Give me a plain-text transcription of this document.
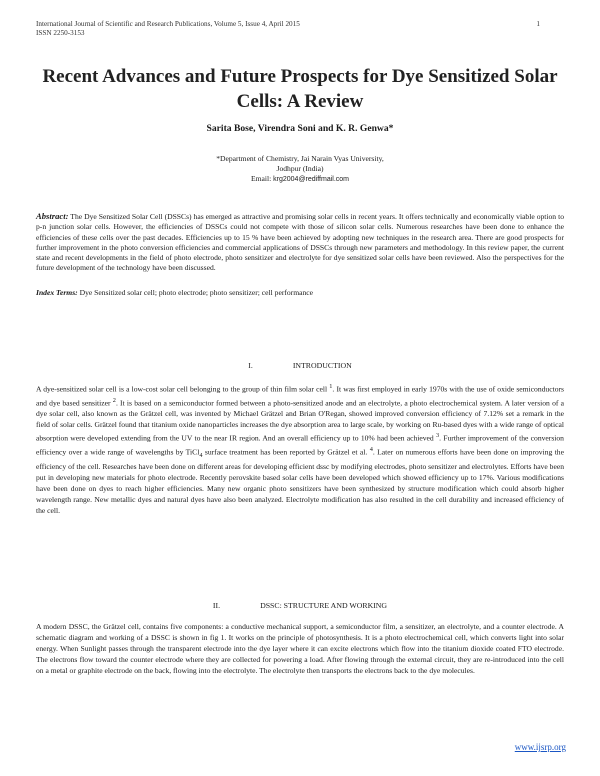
International Journal of Scientific and Research Publications, Volume 5, Issue 4, April 2015
ISSN 2250-3153
1
Recent Advances and Future Prospects for Dye Sensitized Solar Cells: A Review
Sarita Bose, Virendra Soni and K. R. Genwa*
*Department of Chemistry, Jai Narain Vyas University,
Jodhpur (India)
Email: krg2004@rediffmail.com
Abstract: The Dye Sensitized Solar Cell (DSSCs) has emerged as attractive and promising solar cells in recent years. It offers technically and economically viable option to p-n junction solar cells. However, the efficiencies of DSSCs could not compete with those of silicon solar cells. Numerous researches have been done to enhance the efficiencies of these cells over the past decades. Efficiencies up to 15 % have been achieved by adopting new techniques in the research area. There are good prospects for further improvement in the photo conversion efficiencies and commercial applications of DSSCs through new parameters and methodology. In this review paper, the current state and recent developments in the field of photo electrode, photo sensitizer and electrolyte for dye sensitized solar cells have been reviewed. Also the perspectives for the future development of the technology have been discussed.
Index Terms: Dye Sensitized solar cell; photo electrode; photo sensitizer; cell performance
I.	INTRODUCTION
A dye-sensitized solar cell is a low-cost solar cell belonging to the group of thin film solar cell $^1$. It was first employed in early 1970s with the use of oxide semiconductors and dye based sensitizer $^2$. It is based on a semiconductor formed between a photo-sensitized anode and an electrolyte, a photo electrochemical system. A later version of a dye solar cell, also known as the Grätzel cell, was invented by Michael Grätzel and Brian O'Regan, showed improved conversion efficiency of 7.12% set a remark in the field of solar cells. Grätzel found that titanium oxide nanoparticles increases the dye absorption area to large scale, by working on Ru-based dyes with a wide range of optical absorption were developed extending from the UV to the near IR region. And an overall efficiency up to 10% had been achieved $^3$. Further improvement of the conversion efficiency over a wide range of wavelengths by TiCl$_4$ surface treatment has been reported by Grätzel et al. $^4$. Later on numerous efforts have been done on improving the efficiency of the cell. Researches have been done on different areas for developing efficient dssc by modifying electrodes, photo sensitizer and electrolytes. Efforts have been put in developing new materials for photo electrode. Recently perovskite based solar cells have been developed which showed efficiency up to 17%. Various modifications have been done on dyes to reach higher efficiencies. Many new organic photo sensitizers have been synthesized by structure modification which could absorb higher wavelength range. New metallic dyes and natural dyes have also been analyzed. Electrolyte modification has also resulted in the cell durability and increased efficiency of the cell.
II.	DSSC: STRUCTURE AND WORKING
A modern DSSC, the Grätzel cell, contains five components: a conductive mechanical support, a semiconductor film, a sensitizer, an electrolyte, and a counter electrode. A schematic diagram and working of a DSSC is shown in fig 1. It works on the principle of photosynthesis. It is a photo electrochemical cell, which converts light into solar energy. When Sunlight passes through the transparent electrode into the dye layer where it can excite electrons which flow into the titanium dioxide coated FTO electrode. The electrons flow toward the counter electrode where they are collected for powering a load. After flowing through the external circuit, they are re-introduced into the cell on a metal or graphite electrode on the back, flowing into the electrolyte. The electrolyte then transports the electrons back to the dye molecules.
www.ijsrp.org
